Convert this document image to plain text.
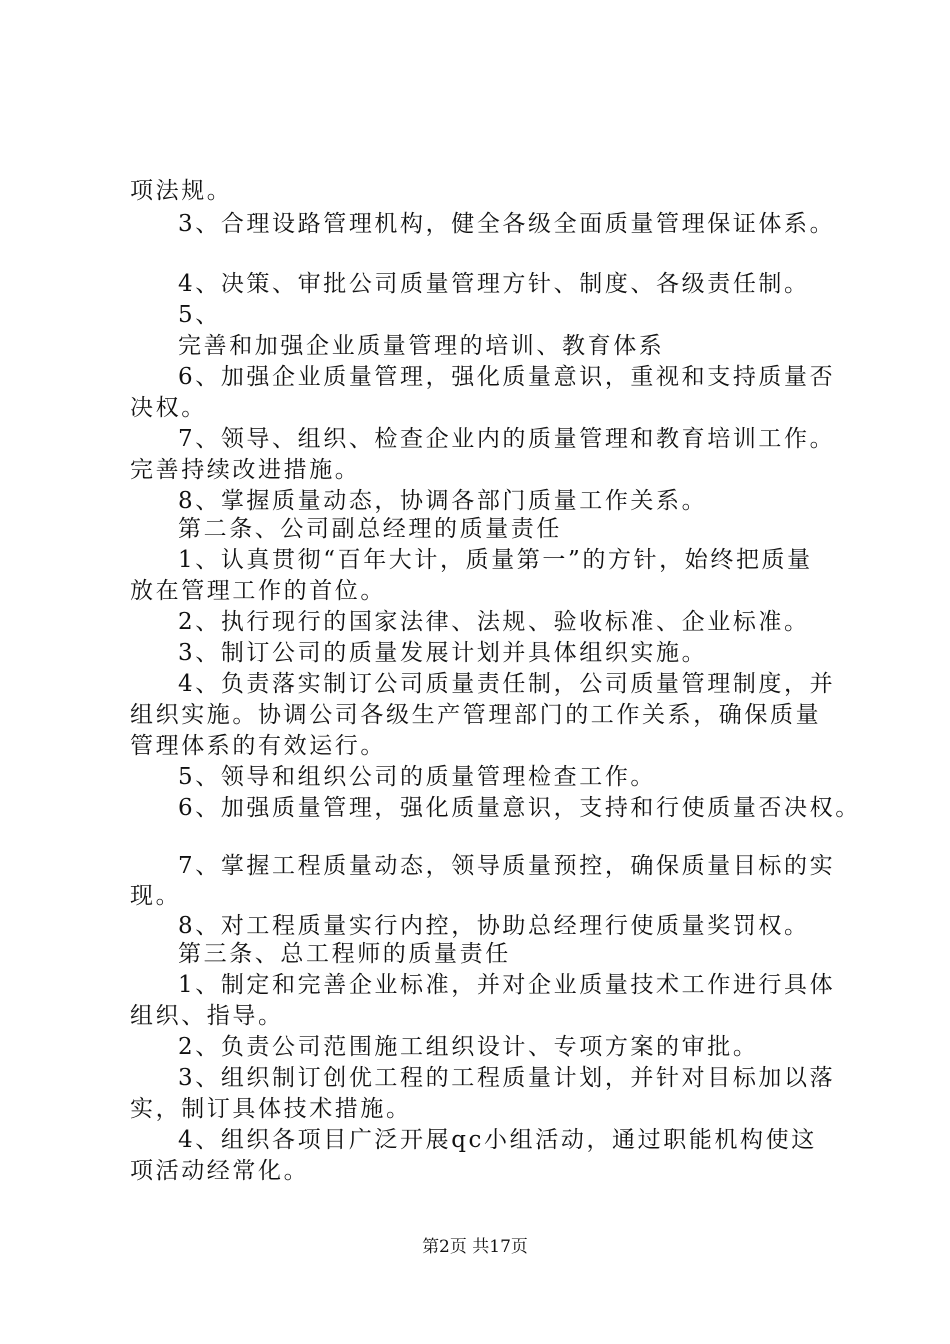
项法规。
3、合理设路管理机构，健全各级全面质量管理保证体系。
4、决策、审批公司质量管理方针、制度、各级责任制。
5、
完善和加强企业质量管理的培训、教育体系
6、加强企业质量管理，强化质量意识，重视和支持质量否
决权。
7、领导、组织、检查企业内的质量管理和教育培训工作。
完善持续改进措施。
8、掌握质量动态，协调各部门质量工作关系。
第二条、公司副总经理的质量责任
1、认真贯彻“百年大计，质量第一”的方针，始终把质量
放在管理工作的首位。
2、执行现行的国家法律、法规、验收标准、企业标准。
3、制订公司的质量发展计划并具体组织实施。
4、负责落实制订公司质量责任制，公司质量管理制度，并
组织实施。协调公司各级生产管理部门的工作关系，确保质量
管理体系的有效运行。
5、领导和组织公司的质量管理检查工作。
6、加强质量管理，强化质量意识，支持和行使质量否决权。
7、掌握工程质量动态，领导质量预控，确保质量目标的实
现。
8、对工程质量实行内控，协助总经理行使质量奖罚权。
第三条、总工程师的质量责任
1、制定和完善企业标准，并对企业质量技术工作进行具体
组织、指导。
2、负责公司范围施工组织设计、专项方案的审批。
3、组织制订创优工程的工程质量计划，并针对目标加以落
实，制订具体技术措施。
4、组织各项目广泛开展qc小组活动，通过职能机构使这
项活动经常化。
第2页 共17页
